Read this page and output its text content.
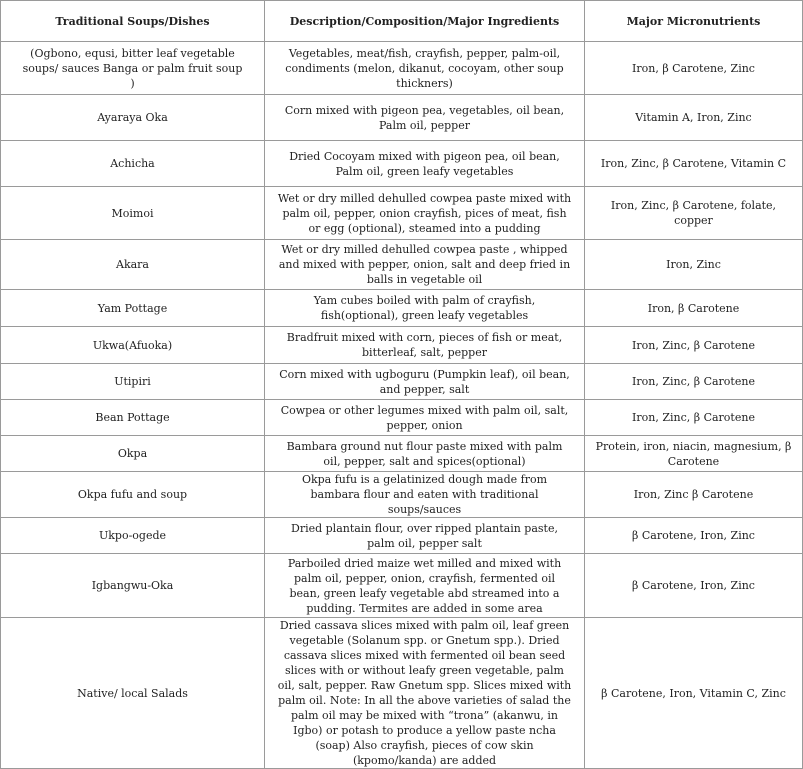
Traditional Soups/Dishes	Description/Composition/Major Ingredients	Major Micronutrients
(Ogbono, equsi, bitter leaf vegetable soups/ sauces Banga or palm fruit soup )	Vegetables, meat/fish, crayfish, pepper, palm-oil, condiments (melon, dikanut, cocoyam, other soup thickners)	Iron, β Carotene, Zinc
Ayaraya Oka	Corn mixed with pigeon pea, vegetables, oil bean, Palm oil, pepper	Vitamin A, Iron, Zinc
Achicha	Dried Cocoyam mixed with pigeon pea, oil bean, Palm oil, green leafy vegetables	Iron, Zinc, β Carotene, Vitamin C
Moimoi	Wet or dry milled dehulled cowpea paste mixed with palm oil, pepper, onion crayfish, pices of meat, fish or egg (optional), steamed into a pudding	Iron, Zinc, β Carotene, folate, copper
Akara	Wet or dry milled dehulled cowpea paste , whipped and mixed with pepper, onion, salt and deep fried in balls in vegetable oil	Iron, Zinc
Yam Pottage	Yam cubes boiled with palm of crayfish, fish(optional), green leafy vegetables	Iron, β Carotene
Ukwa(Afuoka)	Bradfruit mixed with corn, pieces of fish or meat, bitterleaf, salt, pepper	Iron, Zinc, β Carotene
Utipiri	Corn mixed with ugboguru (Pumpkin leaf), oil bean, and pepper, salt	Iron, Zinc, β Carotene
Bean Pottage	Cowpea or other legumes mixed with palm oil, salt, pepper, onion	Iron, Zinc, β Carotene
Okpa	Bambara ground nut flour paste mixed with palm oil, pepper, salt and spices(optional)	Protein, iron, niacin, magnesium, β Carotene
Okpa fufu and soup	Okpa fufu is a gelatinized dough made from bambara flour and eaten with traditional soups/sauces	Iron, Zinc β Carotene
Ukpo-ogede	Dried plantain flour, over ripped plantain paste, palm oil, pepper salt	β Carotene, Iron, Zinc
Igbangwu-Oka	Parboiled dried maize wet milled and mixed with palm oil, pepper, onion, crayfish, fermented oil bean, green leafy vegetable abd streamed into a pudding. Termites are added in some area	β Carotene, Iron, Zinc
Native/ local Salads	Dried cassava slices mixed with palm oil, leaf green vegetable (Solanum spp. or Gnetum spp.). Dried cassava slices mixed with fermented oil bean seed slices with or without leafy green vegetable, palm oil, salt, pepper. Raw Gnetum spp. Slices mixed with palm oil. Note: In all the above varieties of salad the palm oil may be mixed with “trona” (akanwu, in Igbo) or potash to produce a yellow paste ncha (soap) Also crayfish, pieces of cow skin (kpomo/kanda) are added	β Carotene, Iron, Vitamin C, Zinc
